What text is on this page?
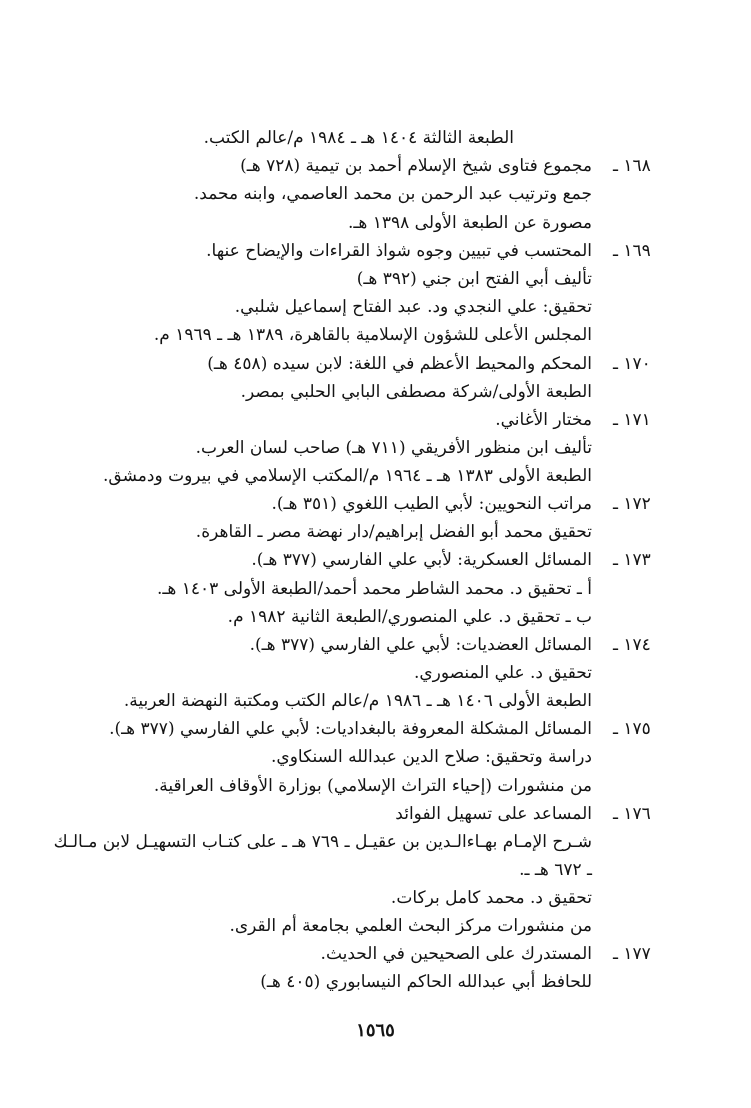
الطبعة الثالثة ١٤٠٤ هـ ـ ١٩٨٤ م/عالم الكتب.
١٦٨ ـ
مجموع فتاوى شيخ الإسلام أحمد بن تيمية (٧٢٨ هـ)
جمع وترتيب عبد الرحمن بن محمد العاصمي، وابنه محمد.
مصورة عن الطبعة الأولى ١٣٩٨ هـ.
١٦٩ ـ
المحتسب في تبيين وجوه شواذ القراءات والإيضاح عنها.
تأليف أبي الفتح ابن جني (٣٩٢ هـ)
تحقيق: علي النجدي ود. عبد الفتاح إسماعيل شلبي.
المجلس الأعلى للشؤون الإسلامية بالقاهرة، ١٣٨٩ هـ ـ ١٩٦٩ م.
١٧٠ ـ
المحكم والمحيط الأعظم في اللغة: لابن سيده (٤٥٨ هـ)
الطبعة الأولى/شركة مصطفى البابي الحلبي بمصر.
١٧١ ـ
مختار الأغاني.
تأليف ابن منظور الأفريقي (٧١١ هـ) صاحب لسان العرب.
الطبعة الأولى ١٣٨٣ هـ ـ ١٩٦٤ م/المكتب الإسلامي في بيروت ودمشق.
١٧٢ ـ
مراتب النحويين: لأبي الطيب اللغوي (٣٥١ هـ).
تحقيق محمد أبو الفضل إبراهيم/دار نهضة مصر ـ القاهرة.
١٧٣ ـ
المسائل العسكرية: لأبي علي الفارسي (٣٧٧ هـ).
أ ـ تحقيق د. محمد الشاطر محمد أحمد/الطبعة الأولى ١٤٠٣ هـ.
ب ـ تحقيق د. علي المنصوري/الطبعة الثانية ١٩٨٢ م.
١٧٤ ـ
المسائل العضديات: لأبي علي الفارسي (٣٧٧ هـ).
تحقيق د. علي المنصوري.
الطبعة الأولى ١٤٠٦ هـ ـ ١٩٨٦ م/عالم الكتب ومكتبة النهضة العربية.
١٧٥ ـ
المسائل المشكلة المعروفة بالبغداديات: لأبي علي الفارسي (٣٧٧ هـ).
دراسة وتحقيق: صلاح الدين عبدالله السنكاوي.
من منشورات (إحياء التراث الإسلامي) بوزارة الأوقاف العراقية.
١٧٦ ـ
المساعد على تسهيل الفوائد
شـرح الإمـام بهـاءالـدين بن عقيـل ـ ٧٦٩ هـ ـ على كتـاب التسهيـل لابن مـالـك
ـ ٦٧٢ هـ ـ.
تحقيق د. محمد كامل بركات.
من منشورات مركز البحث العلمي بجامعة أم القرى.
١٧٧ ـ
المستدرك على الصحيحين في الحديث.
للحافظ أبي عبدالله الحاكم النيسابوري (٤٠٥ هـ)
١٥٦٥
